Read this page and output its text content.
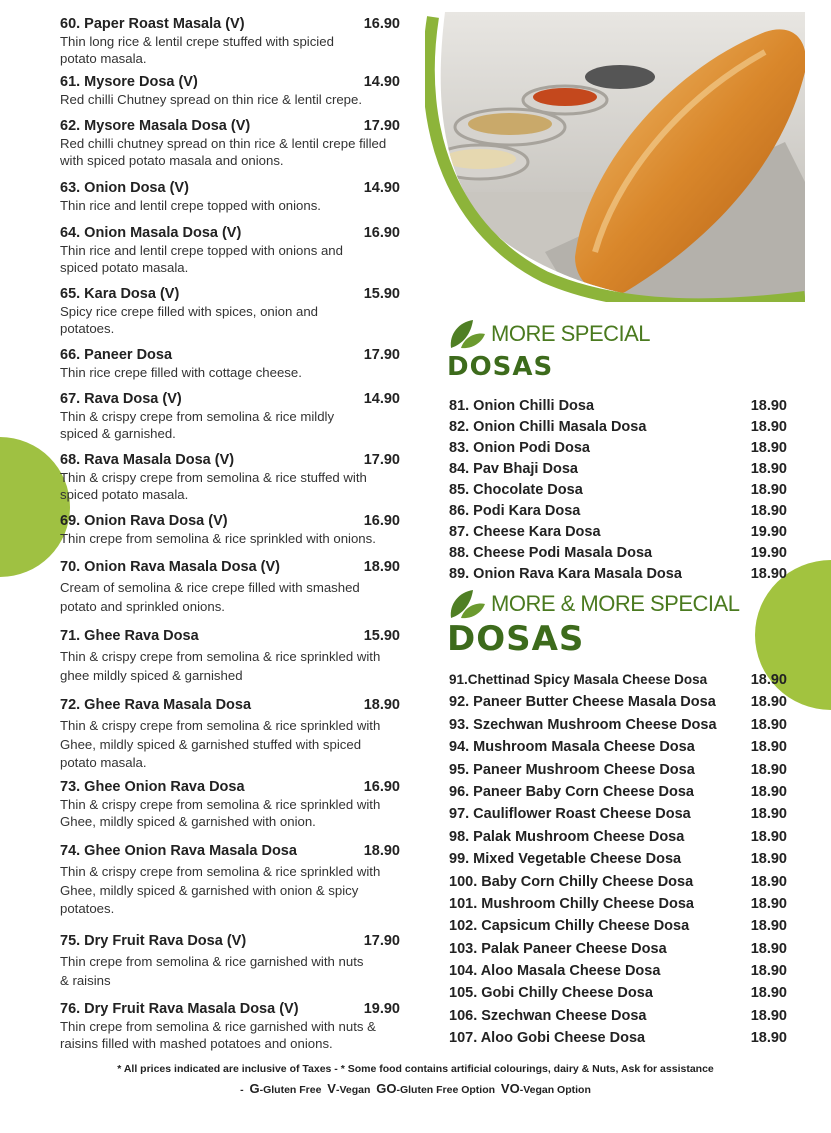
60. Paper Roast Masala (V)	16.90
Thin long rice & lentil crepe stuffed with spicied potato masala.
61. Mysore Dosa (V)	14.90
Red chilli Chutney spread on thin rice & lentil crepe.
62. Mysore Masala Dosa (V)	17.90
Red chilli chutney spread on thin rice & lentil crepe filled with spiced potato masala and onions.
63. Onion Dosa (V)	14.90
Thin rice and lentil crepe topped with onions.
64. Onion Masala Dosa (V)	16.90
Thin rice and lentil crepe topped with onions and spiced potato masala.
65. Kara Dosa (V)	15.90
Spicy rice crepe filled with spices, onion and potatoes.
66. Paneer Dosa	17.90
Thin rice crepe filled with cottage cheese.
67. Rava Dosa (V)	14.90
Thin & crispy crepe from semolina & rice mildly spiced & garnished.
68. Rava Masala Dosa (V)	17.90
Thin & crispy crepe from semolina & rice stuffed with spiced potato masala.
69. Onion Rava Dosa (V)	16.90
Thin crepe from semolina & rice sprinkled with onions.
70. Onion Rava Masala Dosa (V)	18.90
Cream of semolina & rice crepe filled with smashed potato and sprinkled onions.
71. Ghee Rava Dosa	15.90
Thin & crispy crepe from semolina & rice sprinkled with ghee mildly spiced & garnished
72. Ghee Rava Masala Dosa	18.90
Thin & crispy crepe from semolina & rice sprinkled with Ghee, mildly spiced & garnished stuffed with spiced potato masala.
73. Ghee Onion Rava Dosa	16.90
Thin & crispy crepe from semolina & rice sprinkled with Ghee, mildly spiced & garnished with onion.
74. Ghee Onion Rava Masala Dosa	18.90
Thin & crispy crepe from semolina & rice sprinkled with Ghee, mildly spiced & garnished with onion & spicy potatoes.
75. Dry Fruit Rava Dosa (V)	17.90
Thin crepe from semolina & rice garnished with nuts & raisins
76. Dry Fruit Rava Masala Dosa (V)	19.90
Thin crepe from semolina & rice garnished with nuts & raisins filled with mashed potatoes and onions.
MORE SPECIAL
DOSAS
81. Onion Chilli Dosa	18.90
82. Onion Chilli Masala Dosa	18.90
83. Onion Podi Dosa	18.90
84. Pav Bhaji Dosa	18.90
85. Chocolate Dosa	18.90
86. Podi Kara Dosa	18.90
87. Cheese Kara Dosa	19.90
88. Cheese Podi Masala Dosa	19.90
89. Onion Rava Kara Masala Dosa	18.90
MORE & MORE SPECIAL
DOSAS
91.Chettinad Spicy Masala Cheese Dosa	18.90
92. Paneer Butter Cheese Masala Dosa	18.90
93. Szechwan Mushroom Cheese Dosa	18.90
94. Mushroom Masala Cheese Dosa	18.90
95. Paneer Mushroom Cheese Dosa	18.90
96. Paneer Baby Corn Cheese Dosa	18.90
97. Cauliflower Roast Cheese Dosa	18.90
98. Palak Mushroom Cheese Dosa	18.90
99. Mixed Vegetable Cheese Dosa	18.90
100. Baby Corn Chilly Cheese Dosa	18.90
101. Mushroom Chilly Cheese Dosa	18.90
102. Capsicum Chilly Cheese Dosa	18.90
103. Palak Paneer Cheese Dosa	18.90
104. Aloo Masala Cheese Dosa	18.90
105. Gobi Chilly Cheese Dosa	18.90
106. Szechwan Cheese Dosa	18.90
107. Aloo Gobi Cheese Dosa	18.90
* All prices indicated are inclusive of Taxes - * Some food contains artificial colourings, dairy & Nuts, Ask for assistance
-  G-Gluten Free V-Vegan GO-Gluten Free Option VO-Vegan Option
